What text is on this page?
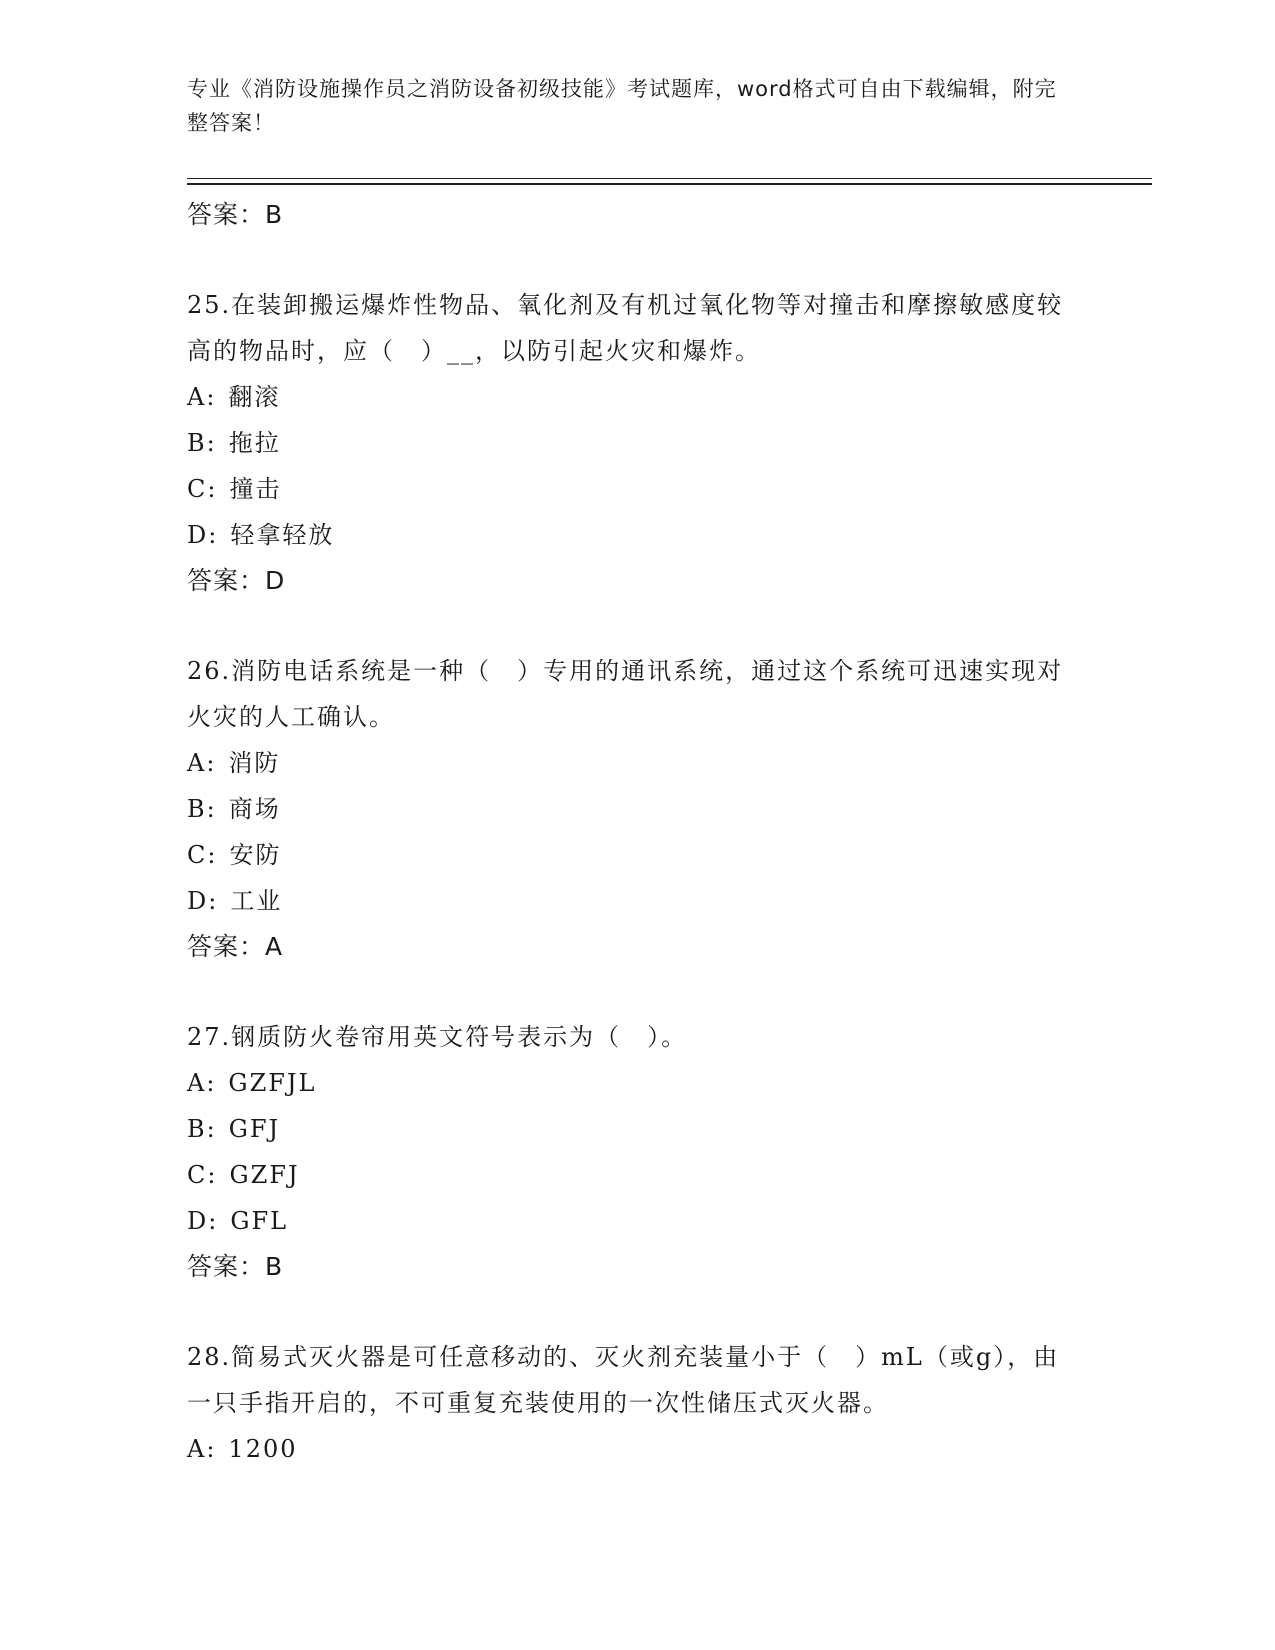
专业《消防设施操作员之消防设备初级技能》考试题库，word格式可自由下载编辑，附完整答案！
答案：B
25.在装卸搬运爆炸性物品、氧化剂及有机过氧化物等对撞击和摩擦敏感度较高的物品时，应（　）__，以防引起火灾和爆炸。
A: 翻滚
B: 拖拉
C: 撞击
D: 轻拿轻放
答案：D
26.消防电话系统是一种（　）专用的通讯系统，通过这个系统可迅速实现对火灾的人工确认。
A: 消防
B: 商场
C: 安防
D: 工业
答案：A
27.钢质防火卷帘用英文符号表示为（　）。
A: GZFJL
B: GFJ
C: GZFJ
D: GFL
答案：B
28.简易式灭火器是可任意移动的、灭火剂充装量小于（　）mL（或g），由一只手指开启的，不可重复充装使用的一次性储压式灭火器。
A: 1200
